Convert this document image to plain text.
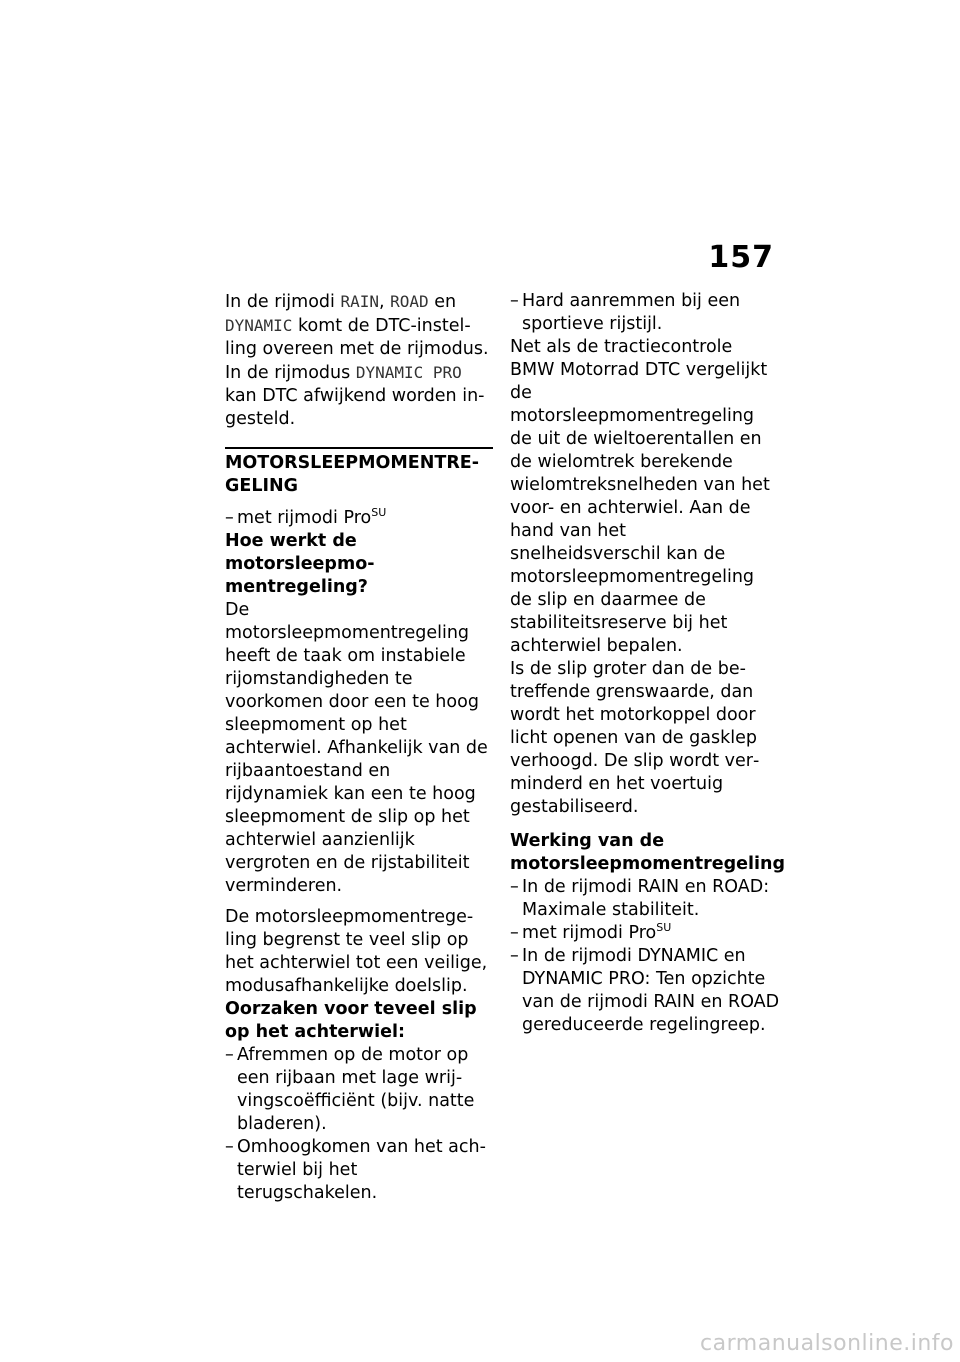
157

In de rijmodi RAIN, ROAD en DYNAMIC komt de DTC-instelling overeen met de rijmodus. In de rijmodus DYNAMIC PRO kan DTC afwijkend worden ingesteld.

MOTORSLEEPMOMENTREGELING
– met rijmodi Pro$^{SU}$
Hoe werkt de motorsleepmomentregeling?

De motorsleepmomentregeling heeft de taak om instabiele rijomstandigheden te voorkomen door een te hoog sleepmoment op het achterwiel. Afhankelijk van de rijbaantoestand en rijdynamiek kan een te hoog sleepmoment de slip op het achterwiel aanzienlijk vergroten en de rijstabiliteit verminderen.

De motorsleepmomentregeling begrenst te veel slip op het achterwiel tot een veilige, modusafhankelijke doelslip.

Oorzaken voor teveel slip op het achterwiel:
– Afremmen op de motor op een rijbaan met lage wrijvingscoëfficiënt (bijv. natte bladeren).
– Omhoogkomen van het achterwiel bij het terugschakelen.
– Hard aanremmen bij een sportieve rijstijl.

Net als de tractiecontrole BMW Motorrad DTC vergelijkt de motorsleepmomentregeling de uit de wieltoerentallen en de wielomtrek berekende wielomtreksnelheden van het voor- en achterwiel. Aan de hand van het snelheidsverschil kan de motorsleepmomentregeling de slip en daarmee de stabiliteitsreserve bij het achterwiel bepalen.

Is de slip groter dan de betreffende grenswaarde, dan wordt het motorkoppel door licht openen van de gasklep verhoogd. De slip wordt verminderd en het voertuig gestabiliseerd.

Werking van de motorsleepmomentregeling
– In de rijmodi RAIN en ROAD: Maximale stabiliteit.
– met rijmodi Pro$^{SU}$
– In de rijmodi DYNAMIC en DYNAMIC PRO: Ten opzichte van de rijmodi RAIN en ROAD gereduceerde regelingreep.
carmanualsonline.info
